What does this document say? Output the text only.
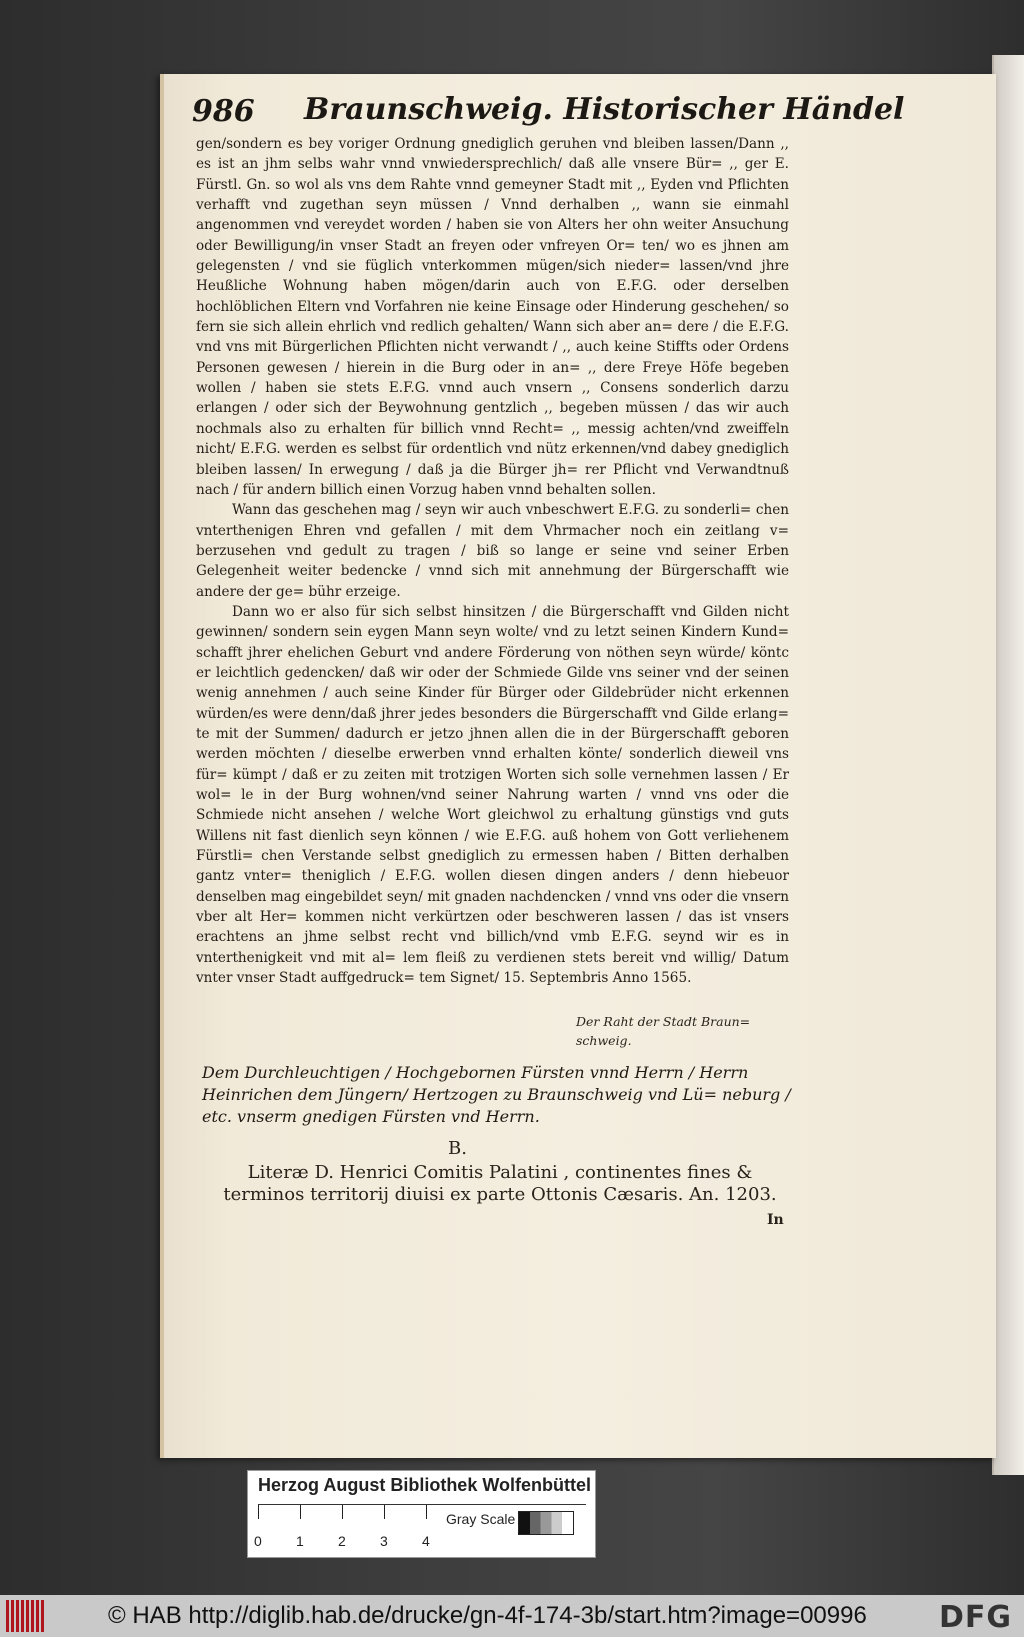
986 Braunschweig. Historischer Händel

gen/sondern es bey voriger Ordnung gnediglich geruhen vnd bleiben lassen/Dann ,, es ist an jhm selbs wahr vnnd vnwiedersprechlich/ daß alle vnsere Bür= ,, ger E. Fürstl. Gn. so wol als vns dem Rahte vnnd gemeyner Stadt mit ,, Eyden vnd Pflichten verhafft vnd zugethan seyn müssen / Vnnd derhalben ,, wann sie einmahl angenommen vnd vereydet worden / haben sie von Alters her ohn weiter Ansuchung oder Bewilligung/in vnser Stadt an freyen oder vnfreyen Or= ten/ wo es jhnen am gelegensten / vnd sie füglich vnterkommen mügen/sich nieder= lassen/vnd jhre Heußliche Wohnung haben mögen/darin auch von E.F.G. oder derselben hochlöblichen Eltern vnd Vorfahren nie keine Einsage oder Hinderung geschehen/ so fern sie sich allein ehrlich vnd redlich gehalten/ Wann sich aber an= dere / die E.F.G. vnd vns mit Bürgerlichen Pflichten nicht verwandt / ,, auch keine Stiffts oder Ordens Personen gewesen / hierein in die Burg oder in an= ,, dere Freye Höfe begeben wollen / haben sie stets E.F.G. vnnd auch vnsern ,, Consens sonderlich darzu erlangen / oder sich der Beywohnung gentzlich ,, begeben müssen / das wir auch nochmals also zu erhalten für billich vnnd Recht= ,, messig achten/vnd zweiffeln nicht/ E.F.G. werden es selbst für ordentlich vnd nütz erkennen/vnd dabey gnediglich bleiben lassen/ In erwegung / daß ja die Bürger jh= rer Pflicht vnd Verwandtnuß nach / für andern billich einen Vorzug haben vnnd behalten sollen.

Wann das geschehen mag / seyn wir auch vnbeschwert E.F.G. zu sonderli= chen vnterthenigen Ehren vnd gefallen / mit dem Vhrmacher noch ein zeitlang v= berzusehen vnd gedult zu tragen / biß so lange er seine vnd seiner Erben Gelegenheit weiter bedencke / vnnd sich mit annehmung der Bürgerschafft wie andere der ge= bühr erzeige.

Dann wo er also für sich selbst hinsitzen / die Bürgerschafft vnd Gilden nicht gewinnen/ sondern sein eygen Mann seyn wolte/ vnd zu letzt seinen Kindern Kund= schafft jhrer ehelichen Geburt vnd andere Förderung von nöthen seyn würde/ köntc er leichtlich gedencken/ daß wir oder der Schmiede Gilde vns seiner vnd der seinen wenig annehmen / auch seine Kinder für Bürger oder Gildebrüder nicht erkennen würden/es were denn/daß jhrer jedes besonders die Bürgerschafft vnd Gilde erlang= te mit der Summen/ dadurch er jetzo jhnen allen die in der Bürgerschafft geboren werden möchten / dieselbe erwerben vnnd erhalten könte/ sonderlich dieweil vns für= kümpt / daß er zu zeiten mit trotzigen Worten sich solle vernehmen lassen / Er wol= le in der Burg wohnen/vnd seiner Nahrung warten / vnnd vns oder die Schmiede nicht ansehen / welche Wort gleichwol zu erhaltung günstigs vnd guts Willens nit fast dienlich seyn können / wie E.F.G. auß hohem von Gott verliehenem Fürstli= chen Verstande selbst gnediglich zu ermessen haben / Bitten derhalben gantz vnter= theniglich / E.F.G. wollen diesen dingen anders / denn hiebeuor denselben mag eingebildet seyn/ mit gnaden nachdencken / vnnd vns oder die vnsern vber alt Her= kommen nicht verkürtzen oder beschweren lassen / das ist vnsers erachtens an jhme selbst recht vnd billich/vnd vmb E.F.G. seynd wir es in vnterthenigkeit vnd mit al= lem fleiß zu verdienen stets bereit vnd willig/ Datum vnter vnser Stadt auffgedruck= tem Signet/ 15. Septembris Anno 1565.

Der Raht der Stadt Braun= schweig.
Dem Durchleuchtigen / Hochgebornen Fürsten vnnd Herrn / Herrn Heinrichen dem Jüngern/ Hertzogen zu Braunschweig vnd Lü= neburg / etc. vnserm gnedigen Fürsten vnd Herrn.
B.
Literæ D. Henrici Comitis Palatini , continentes fines & terminos territorij diuisi ex parte Ottonis Cæsaris. An. 1203.
In
Herzog August Bibliothek Wolfenbüttel
0 1 2 3 4
Gray Scale
© HAB http://diglib.hab.de/drucke/gn-4f-174-3b/start.htm?image=00996 DFG
